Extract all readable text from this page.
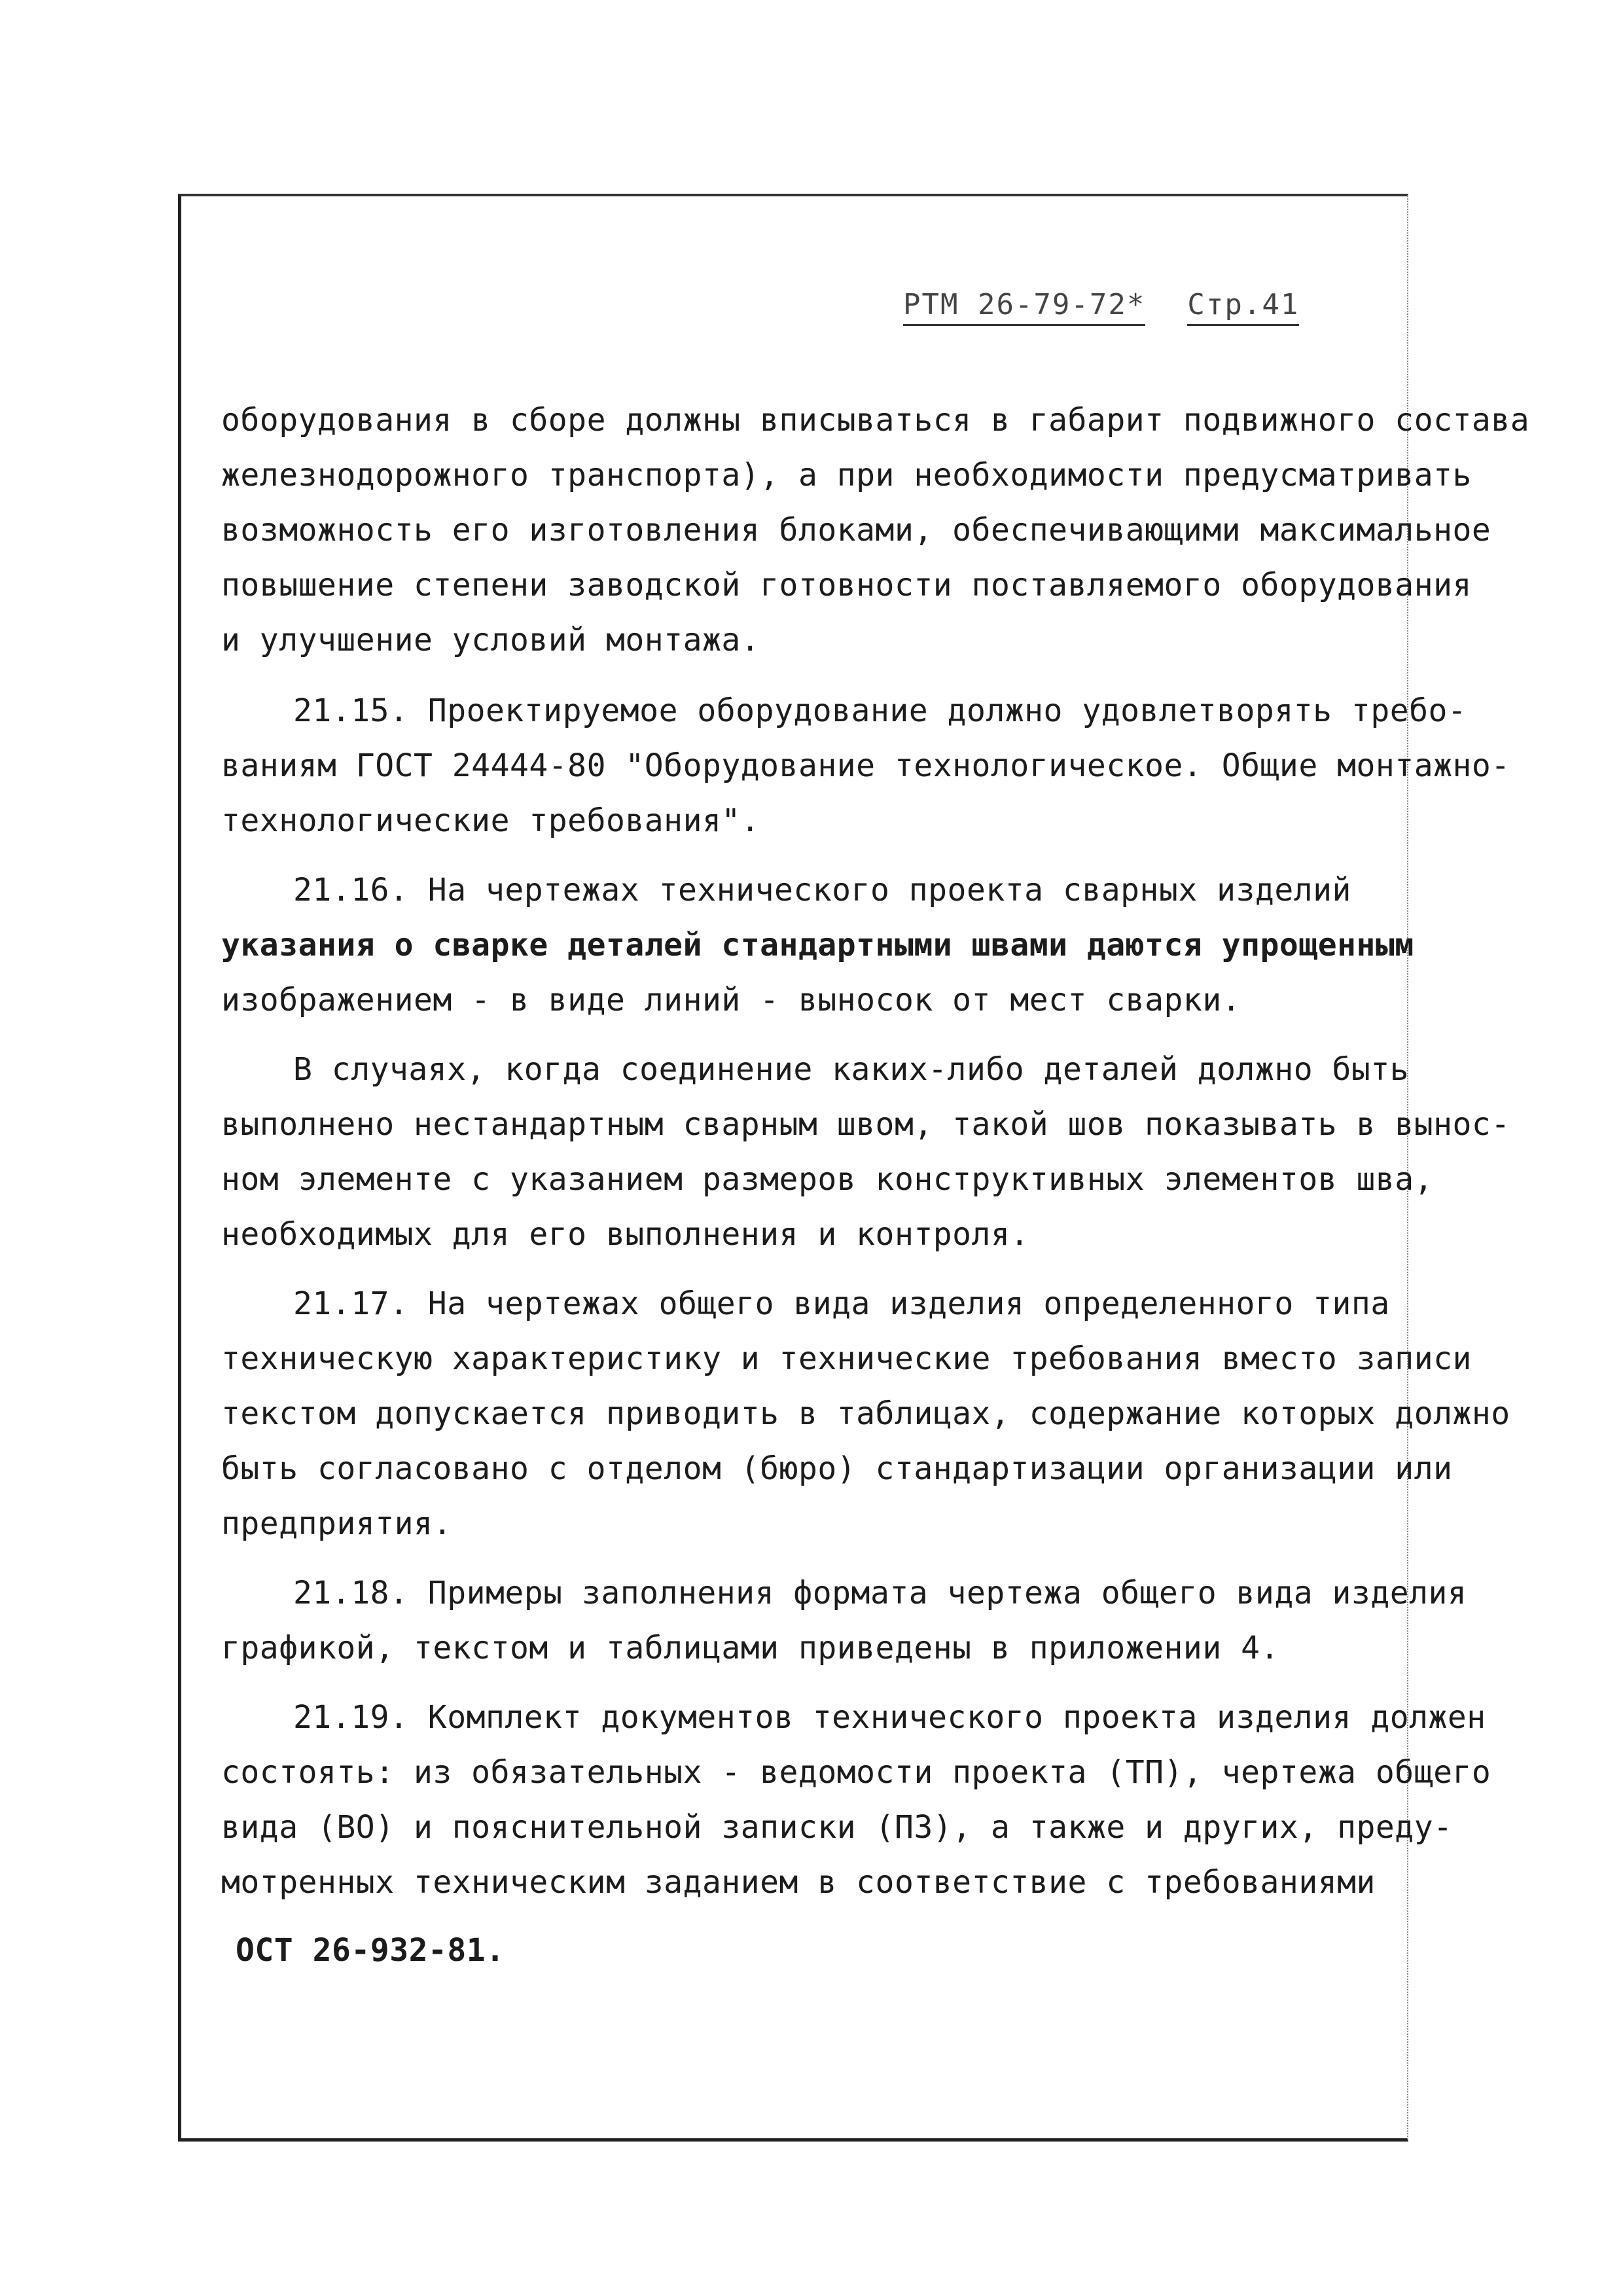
РТМ 26-79-72* Стр.41

оборудования в сборе должны вписываться в габарит подвижного состава

железнодорожного транспорта), а при необходимости предусматривать

возможность его изготовления блоками, обеспечивающими максимальное

повышение степени заводской готовности поставляемого оборудования

и улучшение условий монтажа.

21.15. Проектируемое оборудование должно удовлетворять требо-

ваниям ГОСТ 24444-80 "Оборудование технологическое. Общие монтажно-

технологические требования".

21.16. На чертежах технического проекта сварных изделий

указания о сварке деталей стандартными швами даются упрощенным

изображением - в виде линий - выносок от мест сварки.

В случаях, когда соединение каких-либо деталей должно быть

выполнено нестандартным сварным швом, такой шов показывать в вынос-

ном элементе с указанием размеров конструктивных элементов шва,

необходимых для его выполнения и контроля.

21.17. На чертежах общего вида изделия определенного типа

техническую характеристику и технические требования вместо записи

текстом допускается приводить в таблицах, содержание которых должно

быть согласовано с отделом (бюро) стандартизации организации или

предприятия.

21.18. Примеры заполнения формата чертежа общего вида изделия

графикой, текстом и таблицами приведены в приложении 4.

21.19. Комплект документов технического проекта изделия должен

состоять: из обязательных - ведомости проекта (ТП), чертежа общего

вида (ВО) и пояснительной записки (ПЗ), а также и других, преду-

мотренных техническим заданием в соответствие с требованиями

ОСТ 26-932-81.
